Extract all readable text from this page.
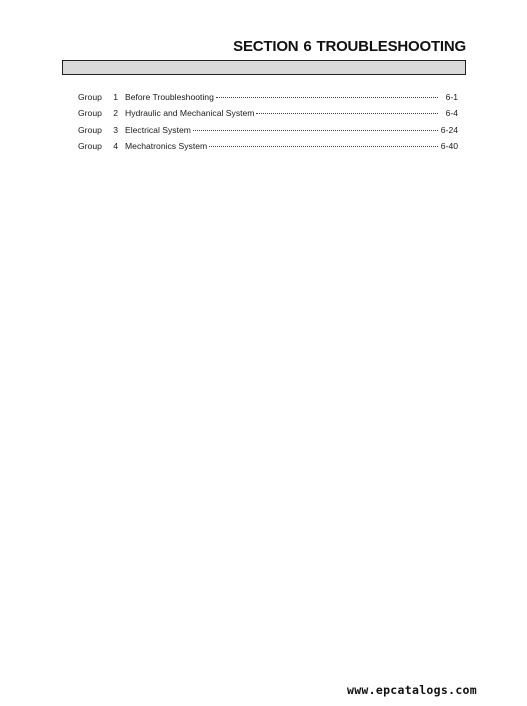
SECTION 6 TROUBLESHOOTING
Group	1 Before Troubleshooting	6-1
Group	2 Hydraulic and Mechanical System	6-4
Group	3 Electrical System	6-24
Group	4 Mechatronics System	6-40
www.epcatalogs.com
